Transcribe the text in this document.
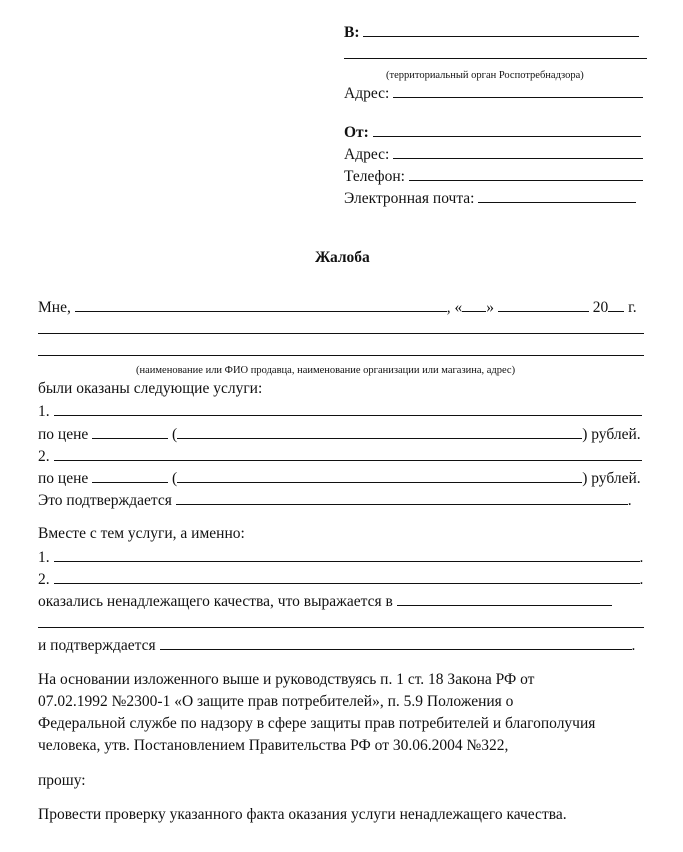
В:
(территориальный орган Роспотребнадзора)
Адрес:
От:
Адрес:
Телефон:
Электронная почта:
Жалоба
Мне,	, « »	20 г.
(наименование или ФИО продавца, наименование организации или магазина, адрес)
были оказаны следующие услуги:
1.
по цене	(	) рублей.
2.
по цене	(	) рублей.
Это подтверждается	.
Вместе с тем услуги, а именно:
1.	.
2.	.
оказались ненадлежащего качества, что выражается в
и подтверждается	.
На основании изложенного выше и руководствуясь п. 1 ст. 18 Закона РФ от
07.02.1992 №2300-1 «О защите прав потребителей», п. 5.9 Положения о
Федеральной службе по надзору в сфере защиты прав потребителей и благополучия
человека, утв. Постановлением Правительства РФ от 30.06.2004 №322,
прошу:
Провести проверку указанного факта оказания услуги ненадлежащего качества.
